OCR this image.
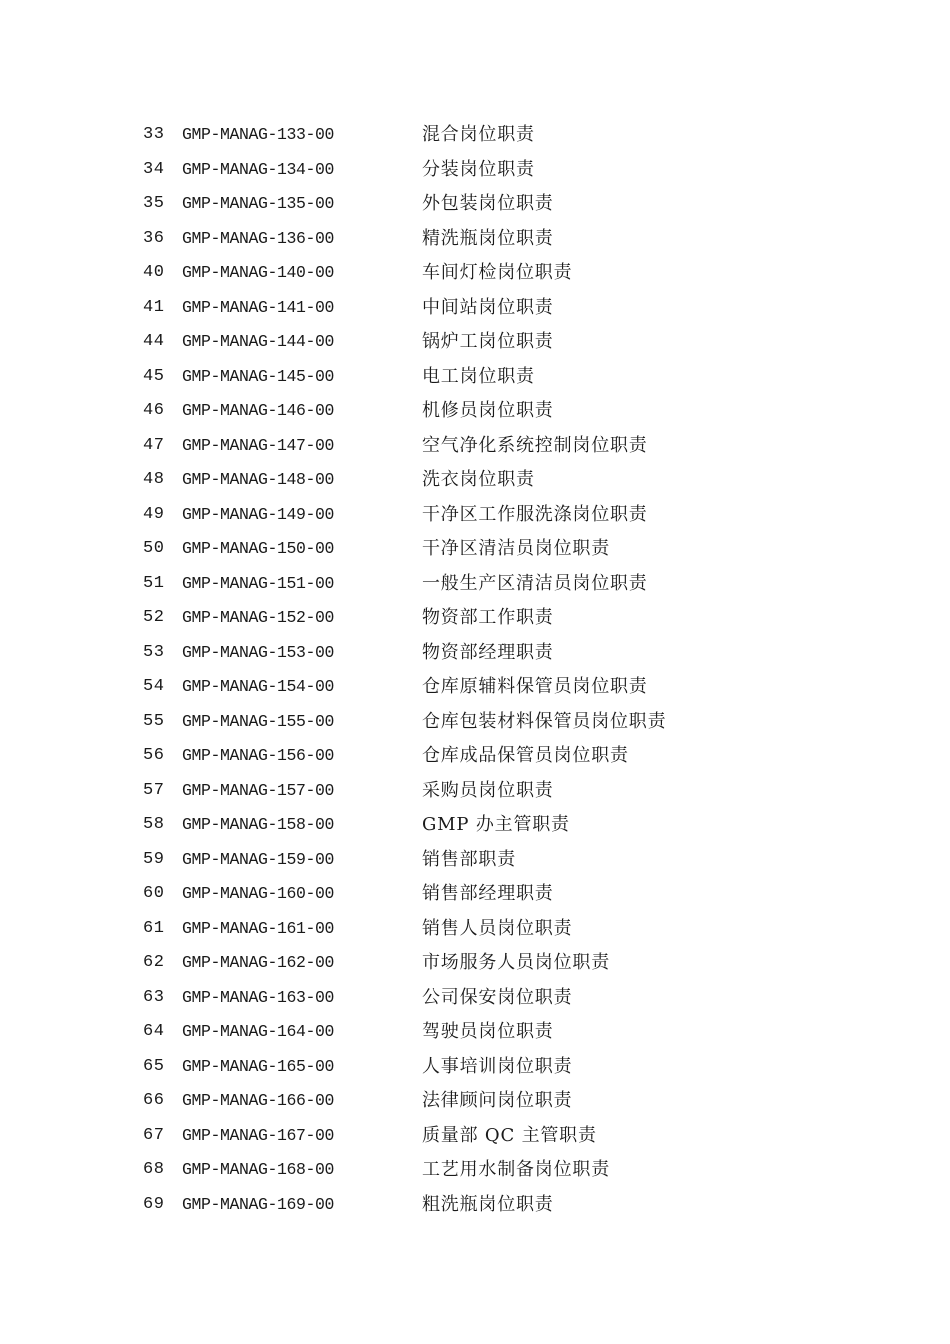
33 GMP-MANAG-133-00	混合岗位职责
34 GMP-MANAG-134-00	分装岗位职责
35 GMP-MANAG-135-00	外包装岗位职责
36 GMP-MANAG-136-00	精洗瓶岗位职责
40 GMP-MANAG-140-00	车间灯检岗位职责
41 GMP-MANAG-141-00	中间站岗位职责
44 GMP-MANAG-144-00	锅炉工岗位职责
45 GMP-MANAG-145-00	电工岗位职责
46 GMP-MANAG-146-00	机修员岗位职责
47 GMP-MANAG-147-00	空气净化系统控制岗位职责
48 GMP-MANAG-148-00	洗衣岗位职责
49 GMP-MANAG-149-00	干净区工作服洗涤岗位职责
50 GMP-MANAG-150-00	干净区清洁员岗位职责
51 GMP-MANAG-151-00	一般生产区清洁员岗位职责
52 GMP-MANAG-152-00	物资部工作职责
53 GMP-MANAG-153-00	物资部经理职责
54 GMP-MANAG-154-00	仓库原辅料保管员岗位职责
55 GMP-MANAG-155-00	仓库包装材料保管员岗位职责
56 GMP-MANAG-156-00	仓库成品保管员岗位职责
57 GMP-MANAG-157-00	采购员岗位职责
58 GMP-MANAG-158-00	GMP 办主管职责
59 GMP-MANAG-159-00	销售部职责
60 GMP-MANAG-160-00	销售部经理职责
61 GMP-MANAG-161-00	销售人员岗位职责
62 GMP-MANAG-162-00	市场服务人员岗位职责
63 GMP-MANAG-163-00	公司保安岗位职责
64 GMP-MANAG-164-00	驾驶员岗位职责
65 GMP-MANAG-165-00	人事培训岗位职责
66 GMP-MANAG-166-00	法律顾问岗位职责
67 GMP-MANAG-167-00	质量部 QC 主管职责
68 GMP-MANAG-168-00	工艺用水制备岗位职责
69 GMP-MANAG-169-00	粗洗瓶岗位职责
